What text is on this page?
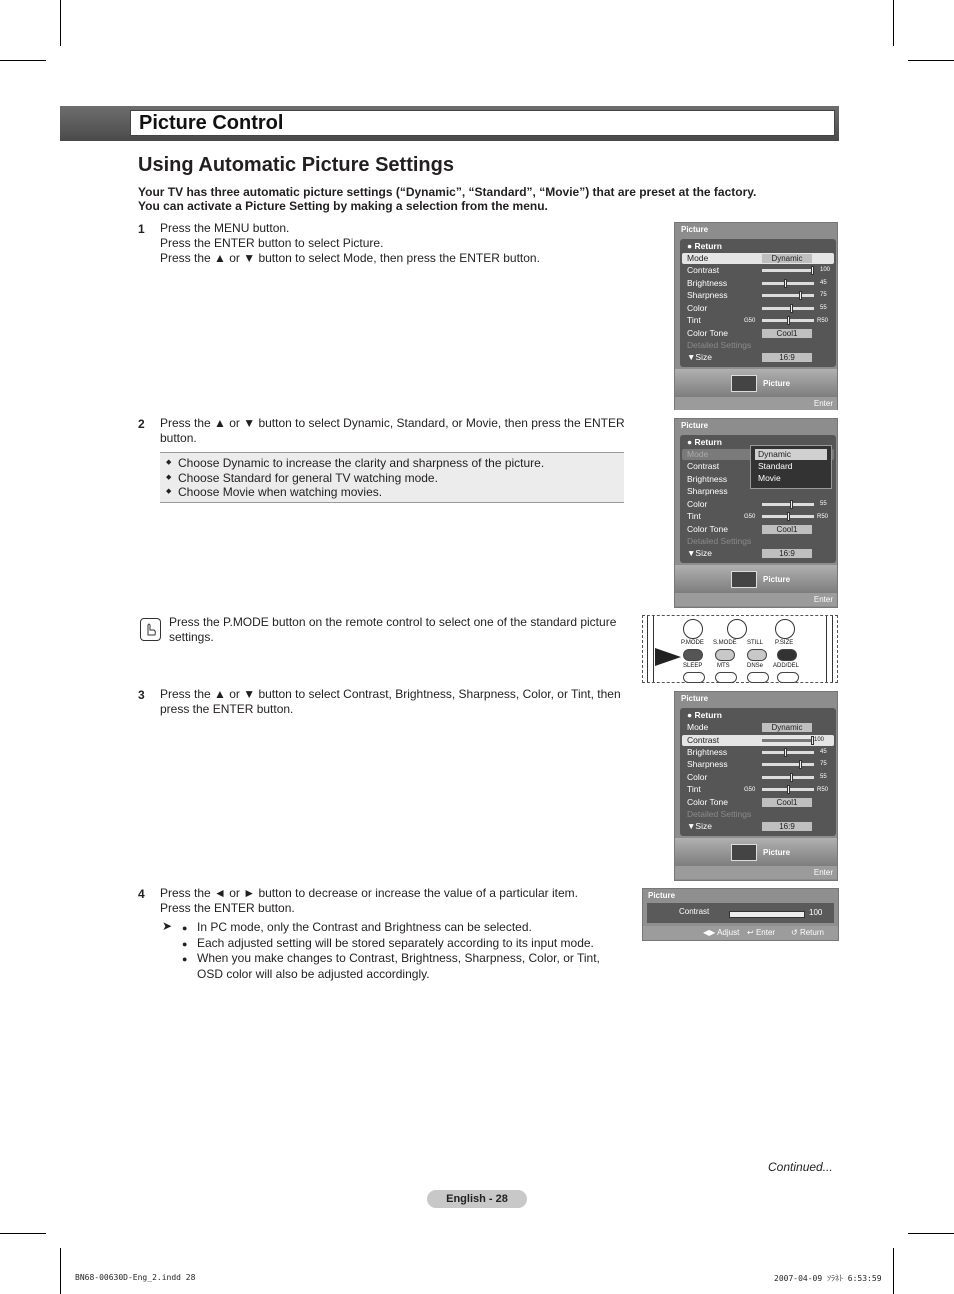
Picture Control
Using Automatic Picture Settings
Your TV has three automatic picture settings (“Dynamic”, “Standard”, “Movie”) that are preset at the factory.
You can activate a Picture Setting by making a selection from the menu.
1 Press the MENU button.
Press the ENTER button to select Picture.
Press the ▲ or ▼ button to select Mode, then press the ENTER button.
2 Press the ▲ or ▼ button to select Dynamic, Standard, or Movie, then press the ENTER
button.
◆ Choose Dynamic to increase the clarity and sharpness of the picture.
◆ Choose Standard for general TV watching mode.
◆ Choose Movie when watching movies.
Press the P.MODE button on the remote control to select one of the standard picture settings.
3 Press the ▲ or ▼ button to select Contrast, Brightness, Sharpness, Color, or Tint, then
press the ENTER button.
4 Press the ◄ or ► button to decrease or increase the value of a particular item.
Press the ENTER button.
➤	● In PC mode, only the Contrast and Brightness can be selected.
● Each adjusted setting will be stored separately according to its input mode.
● When you make changes to Contrast, Brightness, Sharpness, Color, or Tint,
OSD color will also be adjusted accordingly.
Picture
● Return
Mode	Dynamic
Contrast	100
Brightness	45
Sharpness	75
Color	55
Tint	G50	R50
Color Tone	Cool1
Detailed Settings
▼Size	16:9
Picture
Enter
Picture
● Return
Mode
Contrast
Brightness
Sharpness
Color	55
Tint	G50	R50
Color Tone	Cool1
Detailed Settings
▼Size	16:9
Dynamic
Standard
Movie
Picture
Enter
P.MODE S.MODE STILL P.SIZE
SLEEP MTS	DNSe ADD/DEL
Picture
● Return
Mode	Dynamic
Contrast	100
Brightness	45
Sharpness	75
Color	55
Tint	G50	R50
Color Tone	Cool1
Detailed Settings
▼Size	16:9
Picture
Enter
Picture
Contrast	100
◀▶ Adjust ↩ Enter ↺ Return
Continued...
English - 28
BN68-00630D-Eng_2.indd 28	2007-04-09 ｿﾗﾈﾄ 6:53:59
